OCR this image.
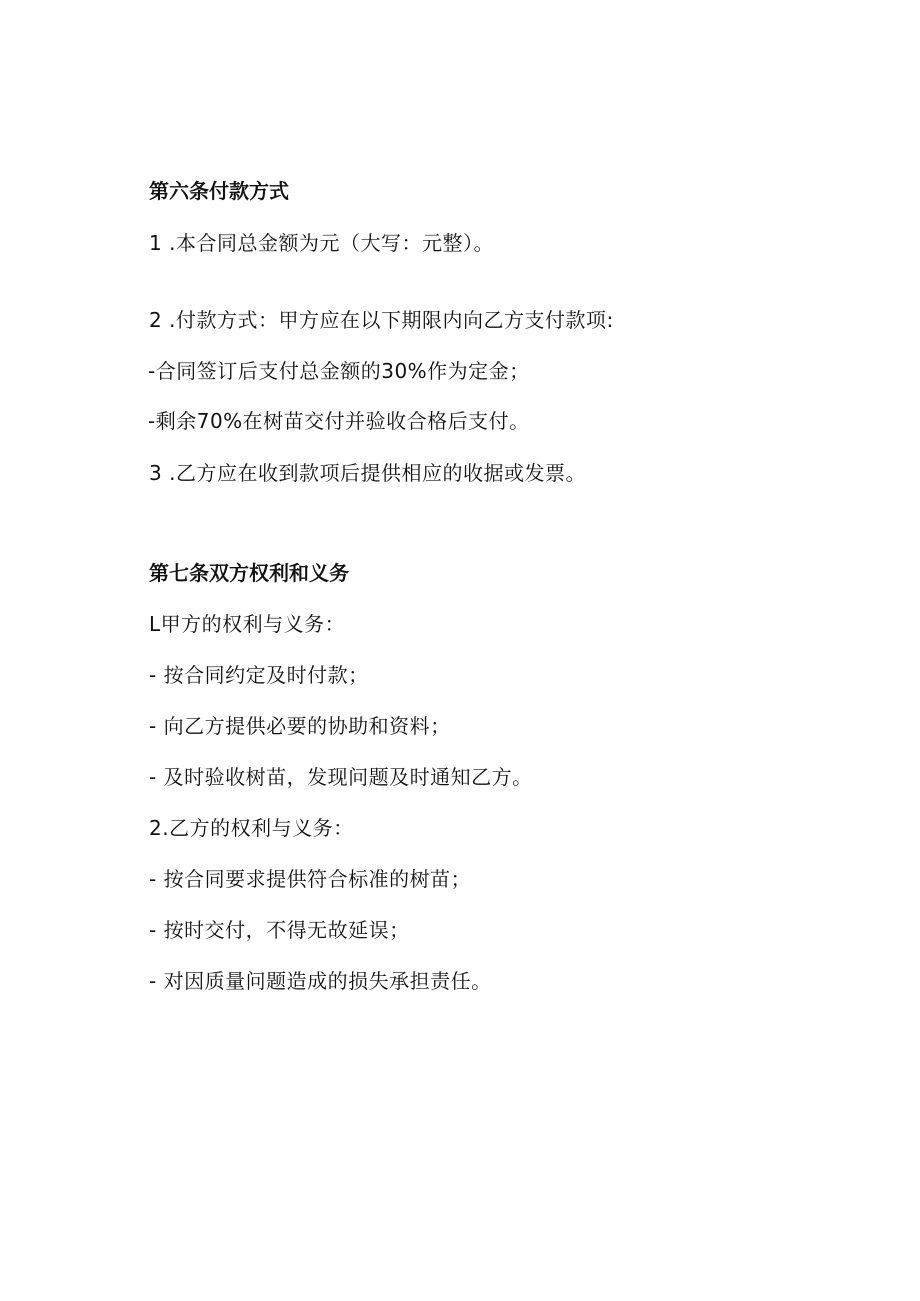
第六条付款方式
1 .本合同总金额为元（大写：元整）。
2 .付款方式：甲方应在以下期限内向乙方支付款项:
-合同签订后支付总金额的30%作为定金；
-剩余70%在树苗交付并验收合格后支付。
3 .乙方应在收到款项后提供相应的收据或发票。
第七条双方权利和义务
L甲方的权利与义务：
- 按合同约定及时付款；
- 向乙方提供必要的协助和资料；
- 及时验收树苗，发现问题及时通知乙方。
2.乙方的权利与义务：
- 按合同要求提供符合标准的树苗；
- 按时交付，不得无故延误；
- 对因质量问题造成的损失承担责任。
